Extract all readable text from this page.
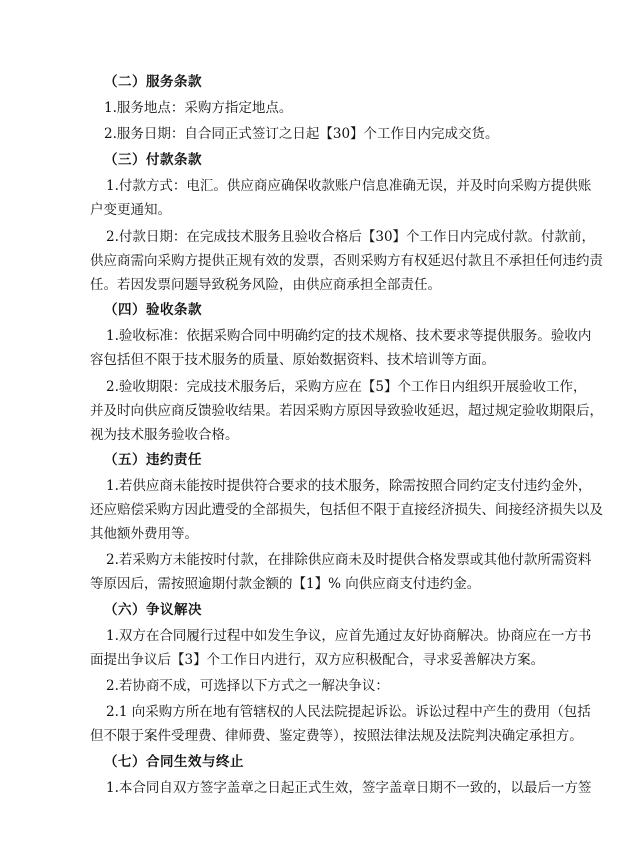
（二）服务条款
1.服务地点：采购方指定地点。
2.服务日期：自合同正式签订之日起【30】个工作日内完成交货。
（三）付款条款
1.付款方式：电汇。供应商应确保收款账户信息准确无误，并及时向采购方提供账
户变更通知。
2.付款日期：在完成技术服务且验收合格后【30】个工作日内完成付款。付款前，
供应商需向采购方提供正规有效的发票，否则采购方有权延迟付款且不承担任何违约责
任。若因发票问题导致税务风险，由供应商承担全部责任。
（四）验收条款
1.验收标准：依据采购合同中明确约定的技术规格、技术要求等提供服务。验收内
容包括但不限于技术服务的质量、原始数据资料、技术培训等方面。
2.验收期限：完成技术服务后，采购方应在【5】个工作日内组织开展验收工作，
并及时向供应商反馈验收结果。若因采购方原因导致验收延迟，超过规定验收期限后，
视为技术服务验收合格。
（五）违约责任
1.若供应商未能按时提供符合要求的技术服务，除需按照合同约定支付违约金外，
还应赔偿采购方因此遭受的全部损失，包括但不限于直接经济损失、间接经济损失以及
其他额外费用等。
2.若采购方未能按时付款，在排除供应商未及时提供合格发票或其他付款所需资料
等原因后，需按照逾期付款金额的【1】% 向供应商支付违约金。
（六）争议解决
1.双方在合同履行过程中如发生争议，应首先通过友好协商解决。协商应在一方书
面提出争议后【3】个工作日内进行，双方应积极配合，寻求妥善解决方案。
2.若协商不成，可选择以下方式之一解决争议：
2.1 向采购方所在地有管辖权的人民法院提起诉讼。诉讼过程中产生的费用（包括
但不限于案件受理费、律师费、鉴定费等），按照法律法规及法院判决确定承担方。
（七）合同生效与终止
1.本合同自双方签字盖章之日起正式生效，签字盖章日期不一致的，以最后一方签
